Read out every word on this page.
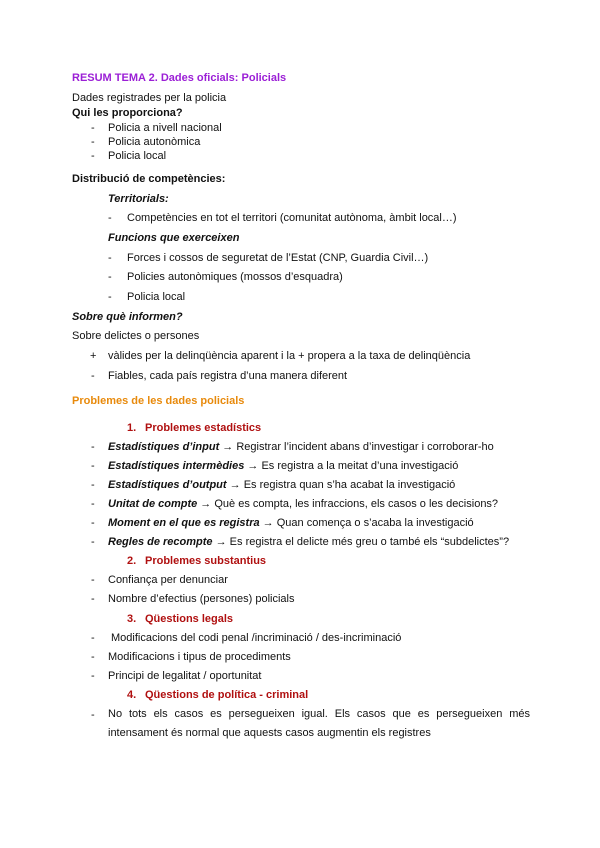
RESUM TEMA 2. Dades oficials: Policials
Dades registrades per la policia
Qui les proporciona?
- Policia a nivell nacional
- Policia autonòmica
- Policia local
Distribució de competències:
Territorials:
- Competències en tot el territori (comunitat autònoma, àmbit local…)
Funcions que exerceixen
- Forces i cossos de seguretat de l’Estat (CNP, Guardia Civil…)
- Policies autonòmiques (mossos d’esquadra)
- Policia local
Sobre què informen?
Sobre delictes o persones
+ vàlides per la delinqüència aparent i la + propera a la taxa de delinqüència
- Fiables, cada país registra d’una manera diferent
Problemes de les dades policials
1. Problemes estadístics
- Estadístiques d’input → Registrar l’incident abans d’investigar i corroborar-ho
- Estadístiques intermèdies → Es registra a la meitat d’una investigació
- Estadístiques d’output → Es registra quan s’ha acabat la investigació
- Unitat de compte → Què es compta, les infraccions, els casos o les decisions?
- Moment en el que es registra → Quan comença o s’acaba la investigació
- Regles de recompte → Es registra el delicte més greu o també els “subdelictes”?
2. Problemes substantius
- Confiança per denunciar
- Nombre d’efectius (persones) policials
3. Qüestions legals
- Modificacions del codi penal /incriminació / des-incriminació
- Modificacions i tipus de procediments
- Principi de legalitat / oportunitat
4. Qüestions de política - criminal
- No tots els casos es persegueixen igual. Els casos que es persegueixen més intensament és normal que aquests casos augmentin els registres
